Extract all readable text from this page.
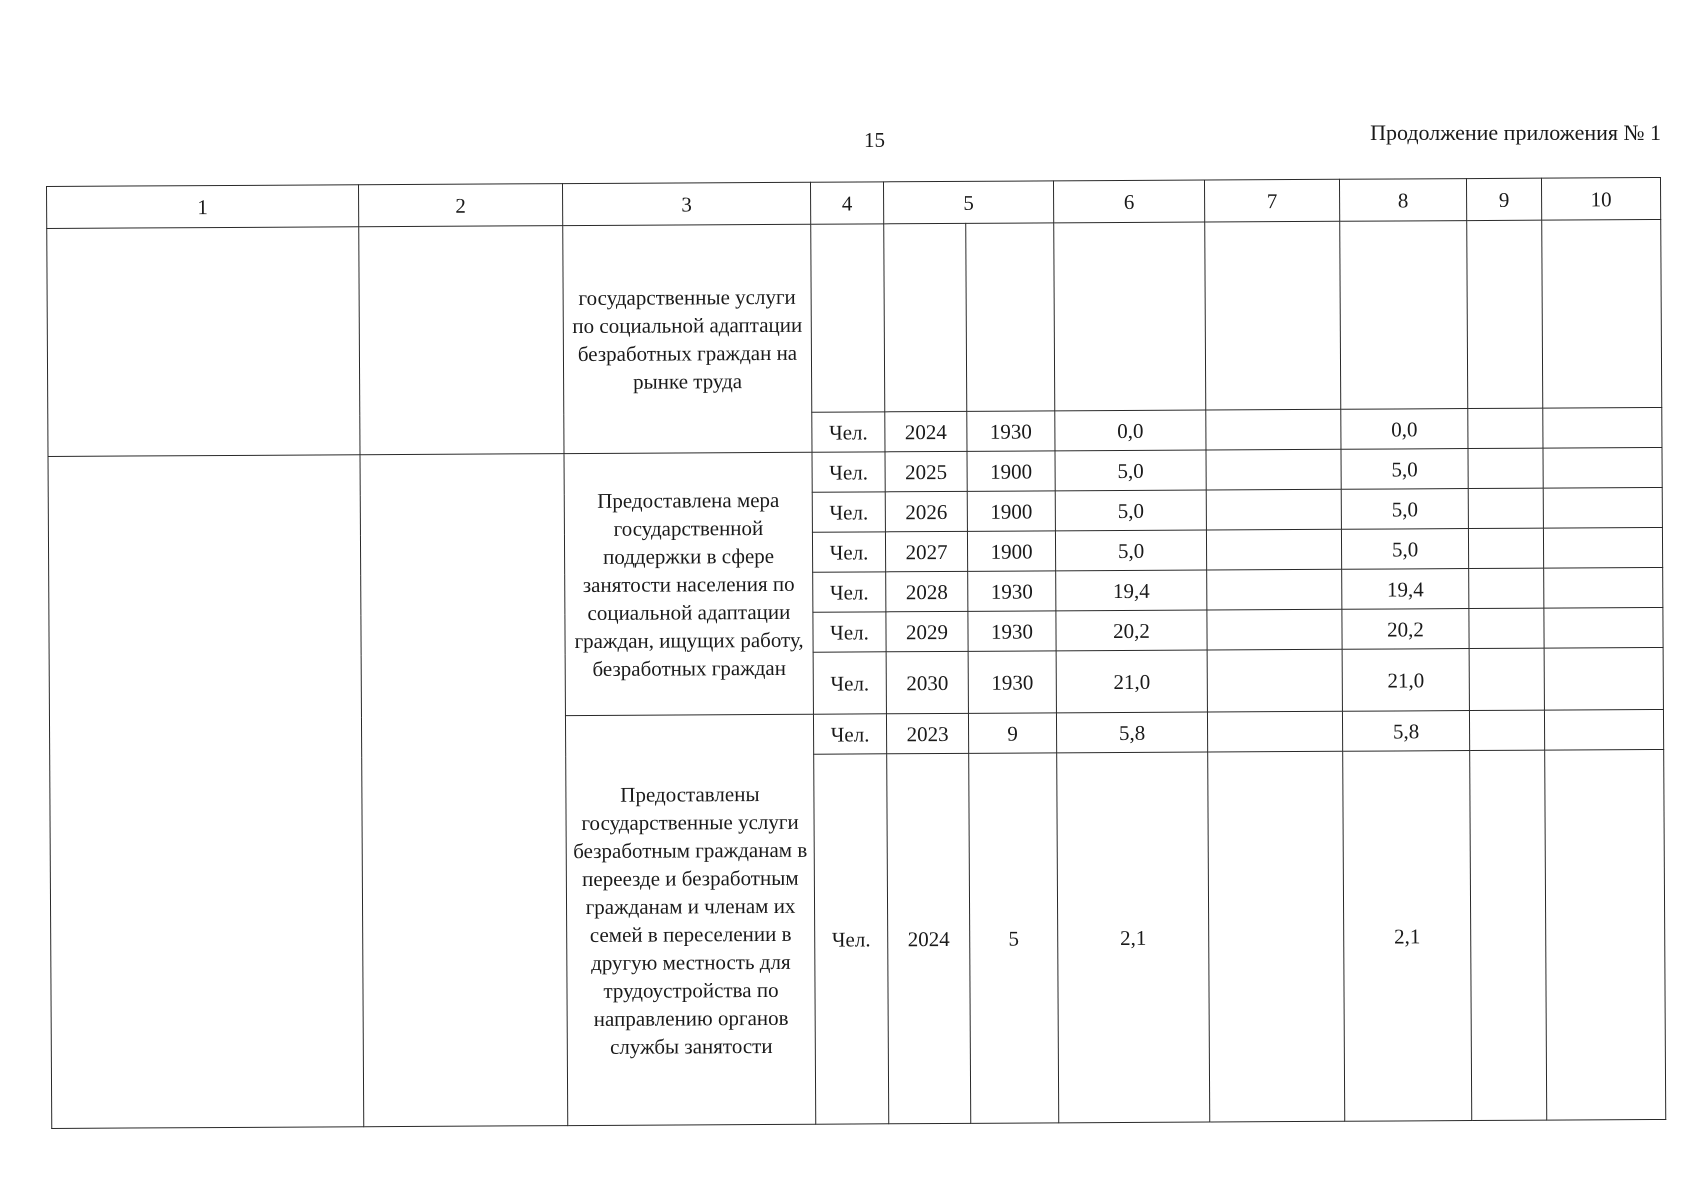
15	Продолжение приложения № 1
1	2	3	4	5		6	7	8	9	10
		государственные услуги по социальной адаптации безработных граждан на рынке труда								
			Чел.	2024	1930	0,0		0,0		
		Предоставлена мера государственной поддержки в сфере занятости населения по социальной адаптации граждан, ищущих работу, безработных граждан	Чел.	2025	1900	5,0		5,0		
			Чел.	2026	1900	5,0		5,0		
			Чел.	2027	1900	5,0		5,0		
			Чел.	2028	1930	19,4		19,4		
			Чел.	2029	1930	20,2		20,2		
			Чел.	2030	1930	21,0		21,0		
		Предоставлены государственные услуги безработным гражданам в переезде и безработным гражданам и членам их семей в переселении в другую местность для трудоустройства по направлению органов службы занятости	Чел.	2023	9	5,8		5,8		
			Чел.	2024	5	2,1		2,1		
